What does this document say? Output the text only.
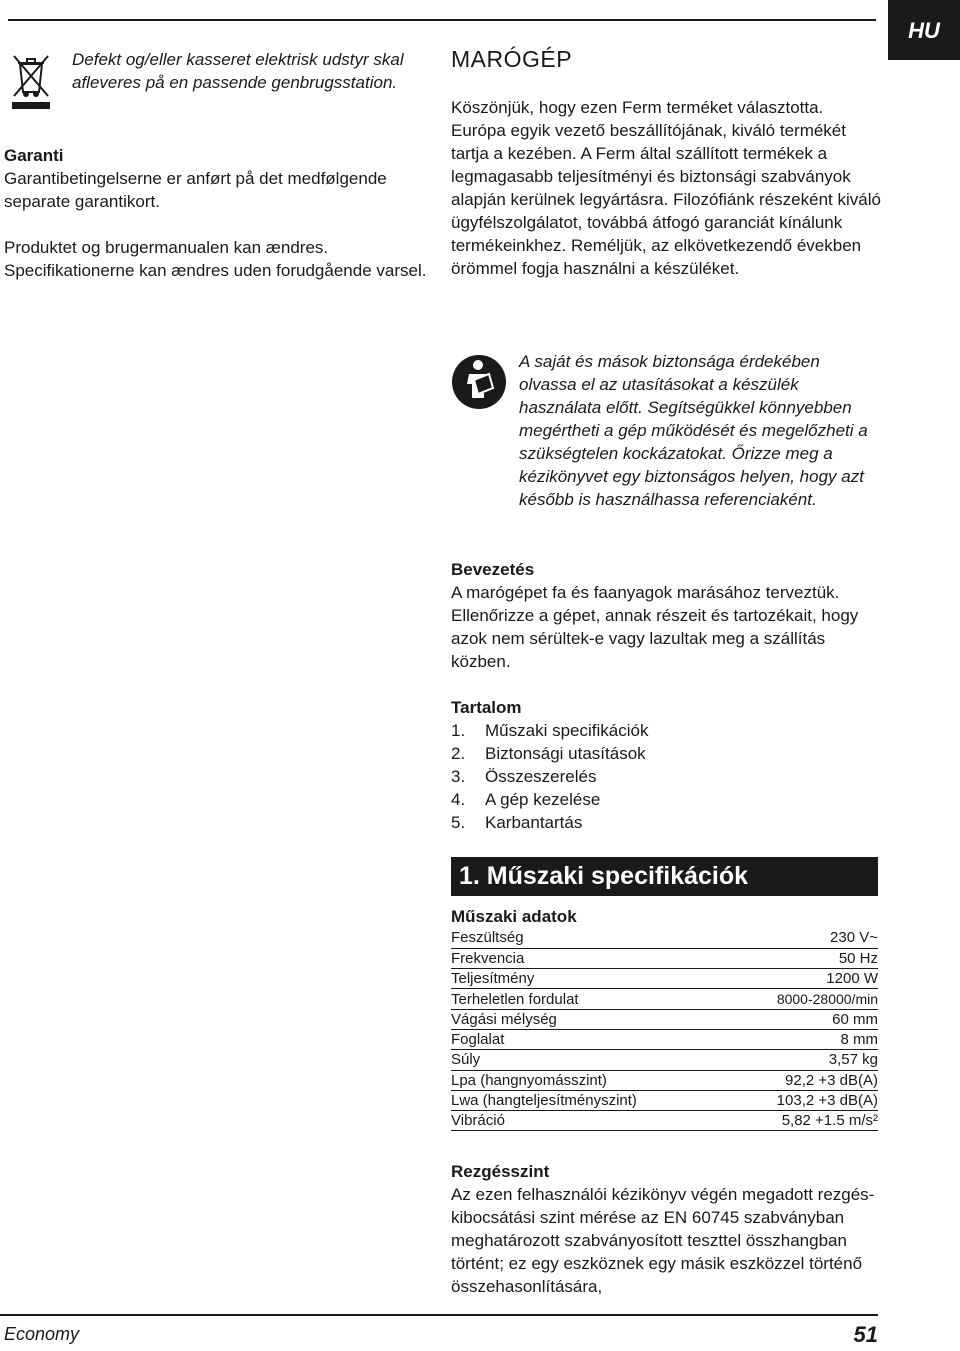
HU
Defekt og/eller kasseret elektrisk udstyr skal afleveres på en passende genbrugsstation.
Garanti
Garantibetingelserne er anført på det medfølgende separate garantikort.
Produktet og brugermanualen kan ændres. Specifikationerne kan ændres uden forudgående varsel.
MARÓGÉP
Köszönjük, hogy ezen Ferm terméket választotta. Európa egyik vezető beszállítójának, kiváló termékét tartja a kezében. A Ferm által szállított termékek a legmagasabb teljesítményi és biztonsági szabványok alapján kerülnek legyártásra. Filozófiánk részeként kiváló ügyfélszolgálatot, továbbá átfogó garanciát kínálunk termékeinkhez. Reméljük, az elkövetkezendő években örömmel fogja használni a készüléket.
A saját és mások biztonsága érdekében olvassa el az utasításokat a készülék használata előtt. Segítségükkel könnyebben megértheti a gép működését és megelőzheti a szükségtelen kockázatokat. Őrizze meg a kézikönyvet egy biztonságos helyen, hogy azt később is használhassa referenciaként.
Bevezetés
A marógépet fa és faanyagok marásához terveztük. Ellenőrizze a gépet, annak részeit és tartozékait, hogy azok nem sérültek-e vagy lazultak meg a szállítás közben.
Tartalom
1. Műszaki specifikációk
2. Biztonsági utasítások
3. Összeszerelés
4. A gép kezelése
5. Karbantartás
1. Műszaki specifikációk
Műszaki adatok
Feszültség	230 V~
Frekvencia	50 Hz
Teljesítmény	1200 W
Terheletlen fordulat	8000-28000/min
Vágási mélység	60 mm
Foglalat	8 mm
Súly	3,57 kg
Lpa (hangnyomásszint)	92,2 +3 dB(A)
Lwa (hangteljesítményszint)	103,2 +3 dB(A)
Vibráció	5,82 +1.5 m/s²
Rezgésszint
Az ezen felhasználói kézikönyv végén megadott rezgés-kibocsátási szint mérése az EN 60745 szabványban meghatározott szabványosított teszttel összhangban történt; ez egy eszköznek egy másik eszközzel történő összehasonlítására,
Economy	51
